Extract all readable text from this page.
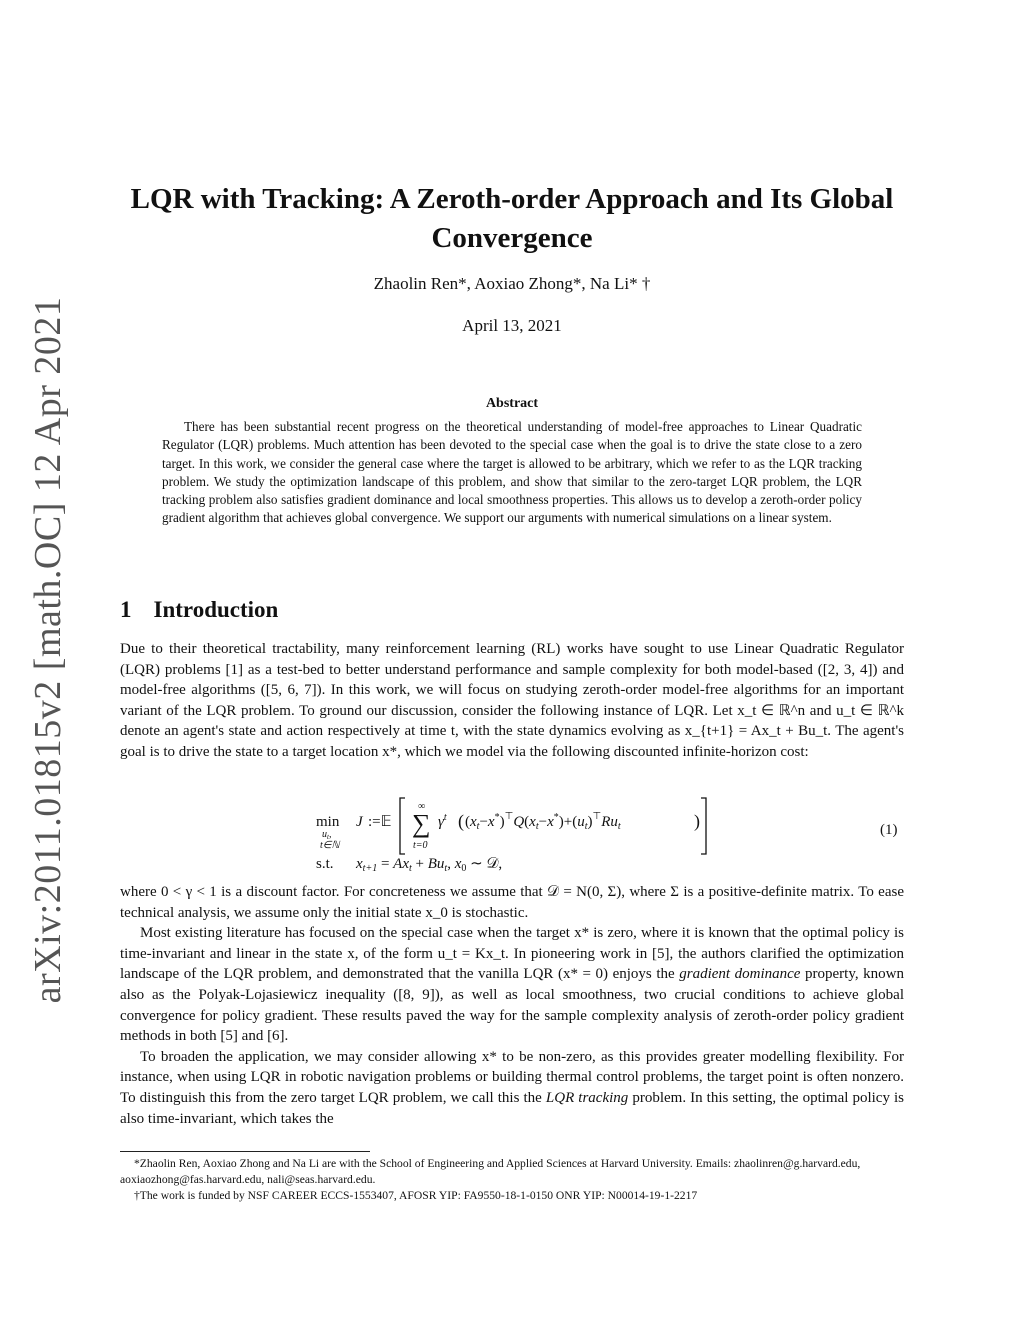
arXiv:2011.01815v2 [math.OC] 12 Apr 2021
LQR with Tracking: A Zeroth-order Approach and Its Global Convergence
Zhaolin Ren*, Aoxiao Zhong*, Na Li* †
April 13, 2021
Abstract

There has been substantial recent progress on the theoretical understanding of model-free approaches to Linear Quadratic Regulator (LQR) problems. Much attention has been devoted to the special case when the goal is to drive the state close to a zero target. In this work, we consider the general case where the target is allowed to be arbitrary, which we refer to as the LQR tracking problem. We study the optimization landscape of this problem, and show that similar to the zero-target LQR problem, the LQR tracking problem also satisfies gradient dominance and local smoothness properties. This allows us to develop a zeroth-order policy gradient algorithm that achieves global convergence. We support our arguments with numerical simulations on a linear system.

1 Introduction

Due to their theoretical tractability, many reinforcement learning (RL) works have sought to use Linear Quadratic Regulator (LQR) problems [1] as a test-bed to better understand performance and sample complexity for both model-based ([2, 3, 4]) and model-free algorithms ([5, 6, 7]). In this work, we will focus on studying zeroth-order model-free algorithms for an important variant of the LQR problem. To ground our discussion, consider the following instance of LQR. Let x_t ∈ ℝ^n and u_t ∈ ℝ^k denote an agent's state and action respectively at time t, with the state dynamics evolving as x_{t+1} = Ax_t + Bu_t. The agent's goal is to drive the state to a target location x*, which we model via the following discounted infinite-horizon cost:

min
$u_t$,
t∈ℕ
J :=𝔼
∞
∑
t=0
$\gamma^t$ ( $(x_t-x^*)^⊤Q(x_t-x^*)+(u_t)^⊤Ru_t$	)
s.t. $x_{t+1} = Ax_t + Bu_t$, $x_0$ ∼ 𝒟,
(1)

where 0 < γ < 1 is a discount factor. For concreteness we assume that 𝒟 = N(0, Σ), where Σ is a positive-definite matrix. To ease technical analysis, we assume only the initial state x_0 is stochastic.

Most existing literature has focused on the special case when the target x* is zero, where it is known that the optimal policy is time-invariant and linear in the state x, of the form u_t = Kx_t. In pioneering work in [5], the authors clarified the optimization landscape of the LQR problem, and demonstrated that the vanilla LQR (x* = 0) enjoys the gradient dominance property, known also as the Polyak-Lojasiewicz inequality ([8, 9]), as well as local smoothness, two crucial conditions to achieve global convergence for policy gradient. These results paved the way for the sample complexity analysis of zeroth-order policy gradient methods in both [5] and [6].

To broaden the application, we may consider allowing x* to be non-zero, as this provides greater modelling flexibility. For instance, when using LQR in robotic navigation problems or building thermal control problems, the target point is often nonzero. To distinguish this from the zero target LQR problem, we call this the LQR tracking problem. In this setting, the optimal policy is also time-invariant, which takes the

*Zhaolin Ren, Aoxiao Zhong and Na Li are with the School of Engineering and Applied Sciences at Harvard University. Emails: zhaolinren@g.harvard.edu, aoxiaozhong@fas.harvard.edu, nali@seas.harvard.edu.

†The work is funded by NSF CAREER ECCS-1553407, AFOSR YIP: FA9550-18-1-0150 ONR YIP: N00014-19-1-2217
